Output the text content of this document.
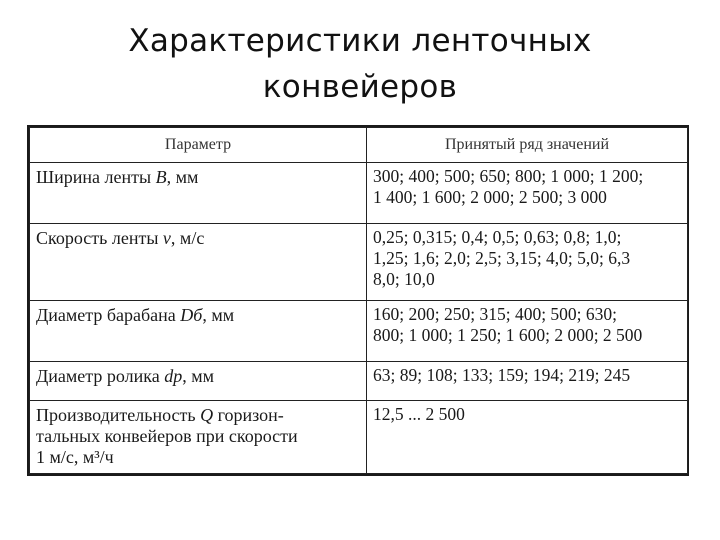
Характеристики ленточных
конвейеров
Параметр	Принятый ряд значений
Ширина ленты B, мм	300; 400; 500; 650; 800; 1 000; 1 200;
1 400; 1 600; 2 000; 2 500; 3 000
Скорость ленты v, м/с	0,25; 0,315; 0,4; 0,5; 0,63; 0,8; 1,0;
1,25; 1,6; 2,0; 2,5; 3,15; 4,0; 5,0; 6,3
8,0; 10,0
Диаметр барабана Dб, мм	160; 200; 250; 315; 400; 500; 630;
800; 1 000; 1 250; 1 600; 2 000; 2 500
Диаметр ролика dр, мм	63; 89; 108; 133; 159; 194; 219; 245
Производительность Q горизон-
тальных конвейеров при скорости
1 м/с, м³/ч	12,5 ... 2 500
